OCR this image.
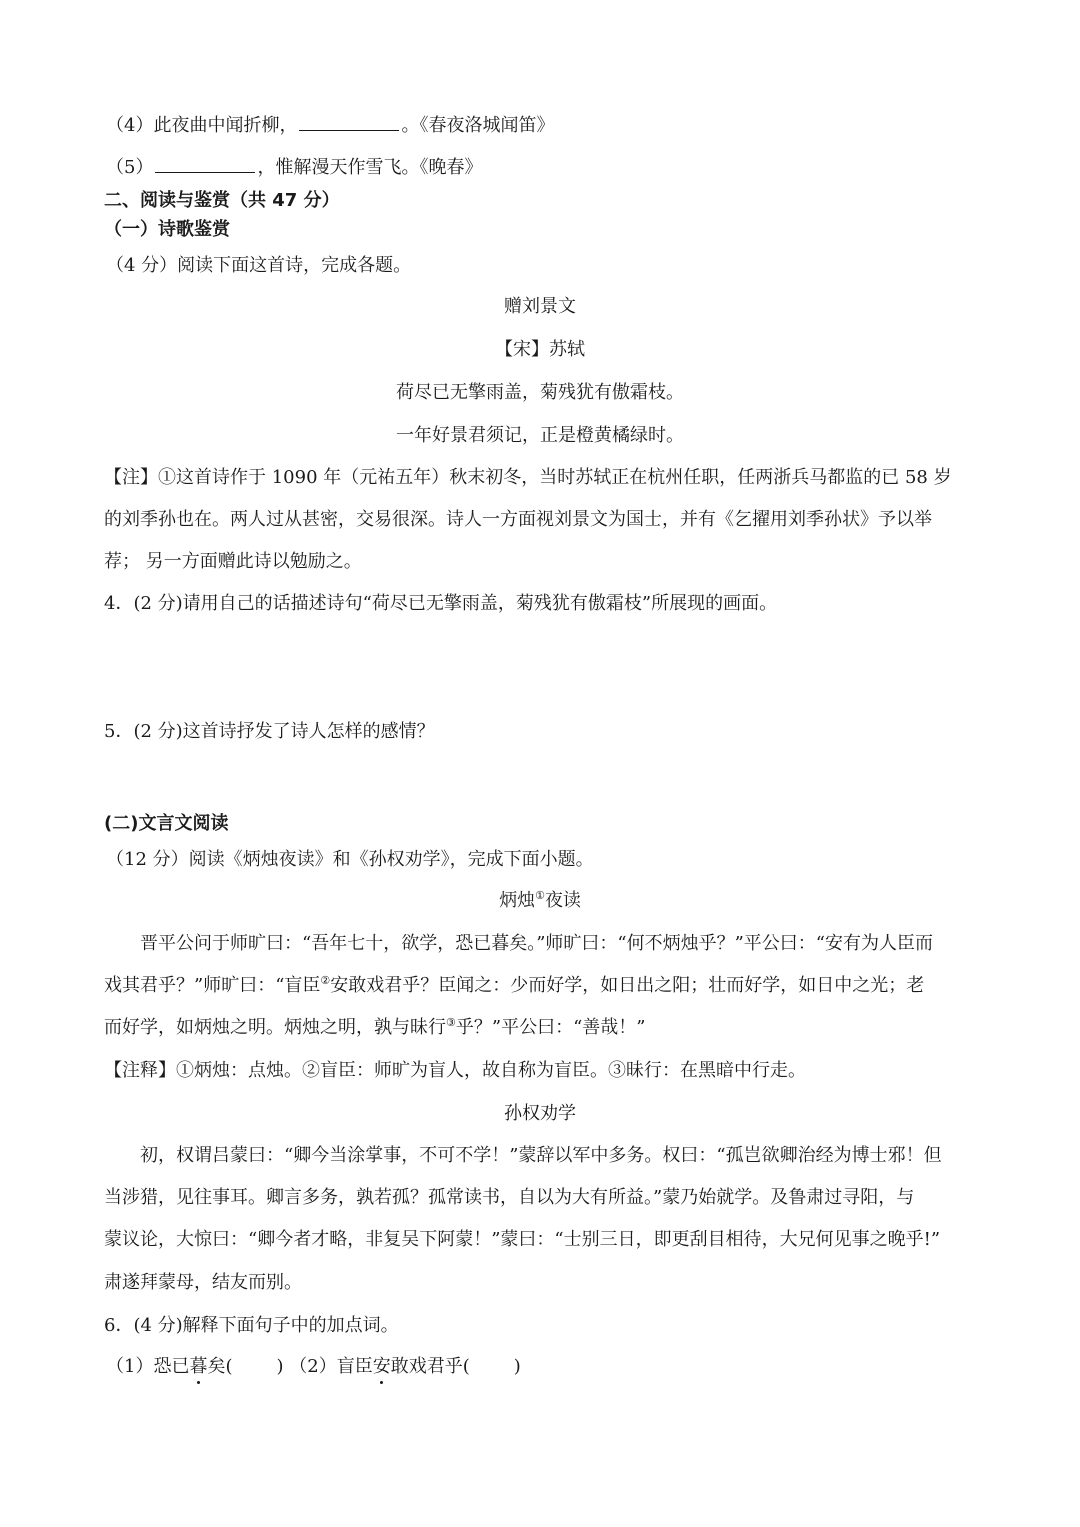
（4）此夜曲中闻折柳，	。《春夜洛城闻笛》
（5）	，惟解漫天作雪飞。《晚春》
二、阅读与鉴赏（共 47 分）
（一）诗歌鉴赏
（4 分）阅读下面这首诗，完成各题。
赠刘景文
【宋】苏轼
荷尽已无擎雨盖，菊残犹有傲霜枝。
一年好景君须记，正是橙黄橘绿时。
【注】①这首诗作于 1090 年（元祐五年）秋末初冬，当时苏轼正在杭州任职，任两浙兵马都监的已 58 岁
的刘季孙也在。两人过从甚密，交易很深。诗人一方面视刘景文为国士，并有《乞擢用刘季孙状》予以举
荐； 另一方面赠此诗以勉励之。
4．(2 分)请用自己的话描述诗句“荷尽已无擎雨盖，菊残犹有傲霜枝”所展现的画面。
5．(2 分)这首诗抒发了诗人怎样的感情？
(二)文言文阅读
（12 分）阅读《炳烛夜读》和《孙权劝学》，完成下面小题。
炳烛①夜读
晋平公问于师旷曰：“吾年七十，欲学，恐已暮矣。”师旷曰：“何不炳烛乎？”平公曰：“安有为人臣而
戏其君乎？”师旷曰：“盲臣②安敢戏君乎？臣闻之：少而好学，如日出之阳；壮而好学，如日中之光；老
而好学，如炳烛之明。炳烛之明，孰与昧行③乎？”平公曰：“善哉！”
【注释】①炳烛：点烛。②盲臣：师旷为盲人，故自称为盲臣。③昧行：在黑暗中行走。
孙权劝学
初，权谓吕蒙曰：“卿今当涂掌事，不可不学！”蒙辞以军中多务。权曰：“孤岂欲卿治经为博士邪！但
当涉猎，见往事耳。卿言多务，孰若孤？孤常读书，自以为大有所益。”蒙乃始就学。及鲁肃过寻阳，与
蒙议论，大惊曰：“卿今者才略，非复吴下阿蒙！”蒙曰：“士别三日，即更刮目相待，大兄何见事之晚乎!”
肃遂拜蒙母，结友而别。
6．(4 分)解释下面句子中的加点词。
（1）恐已暮矣( ) （2）盲臣安敢戏君乎( )
